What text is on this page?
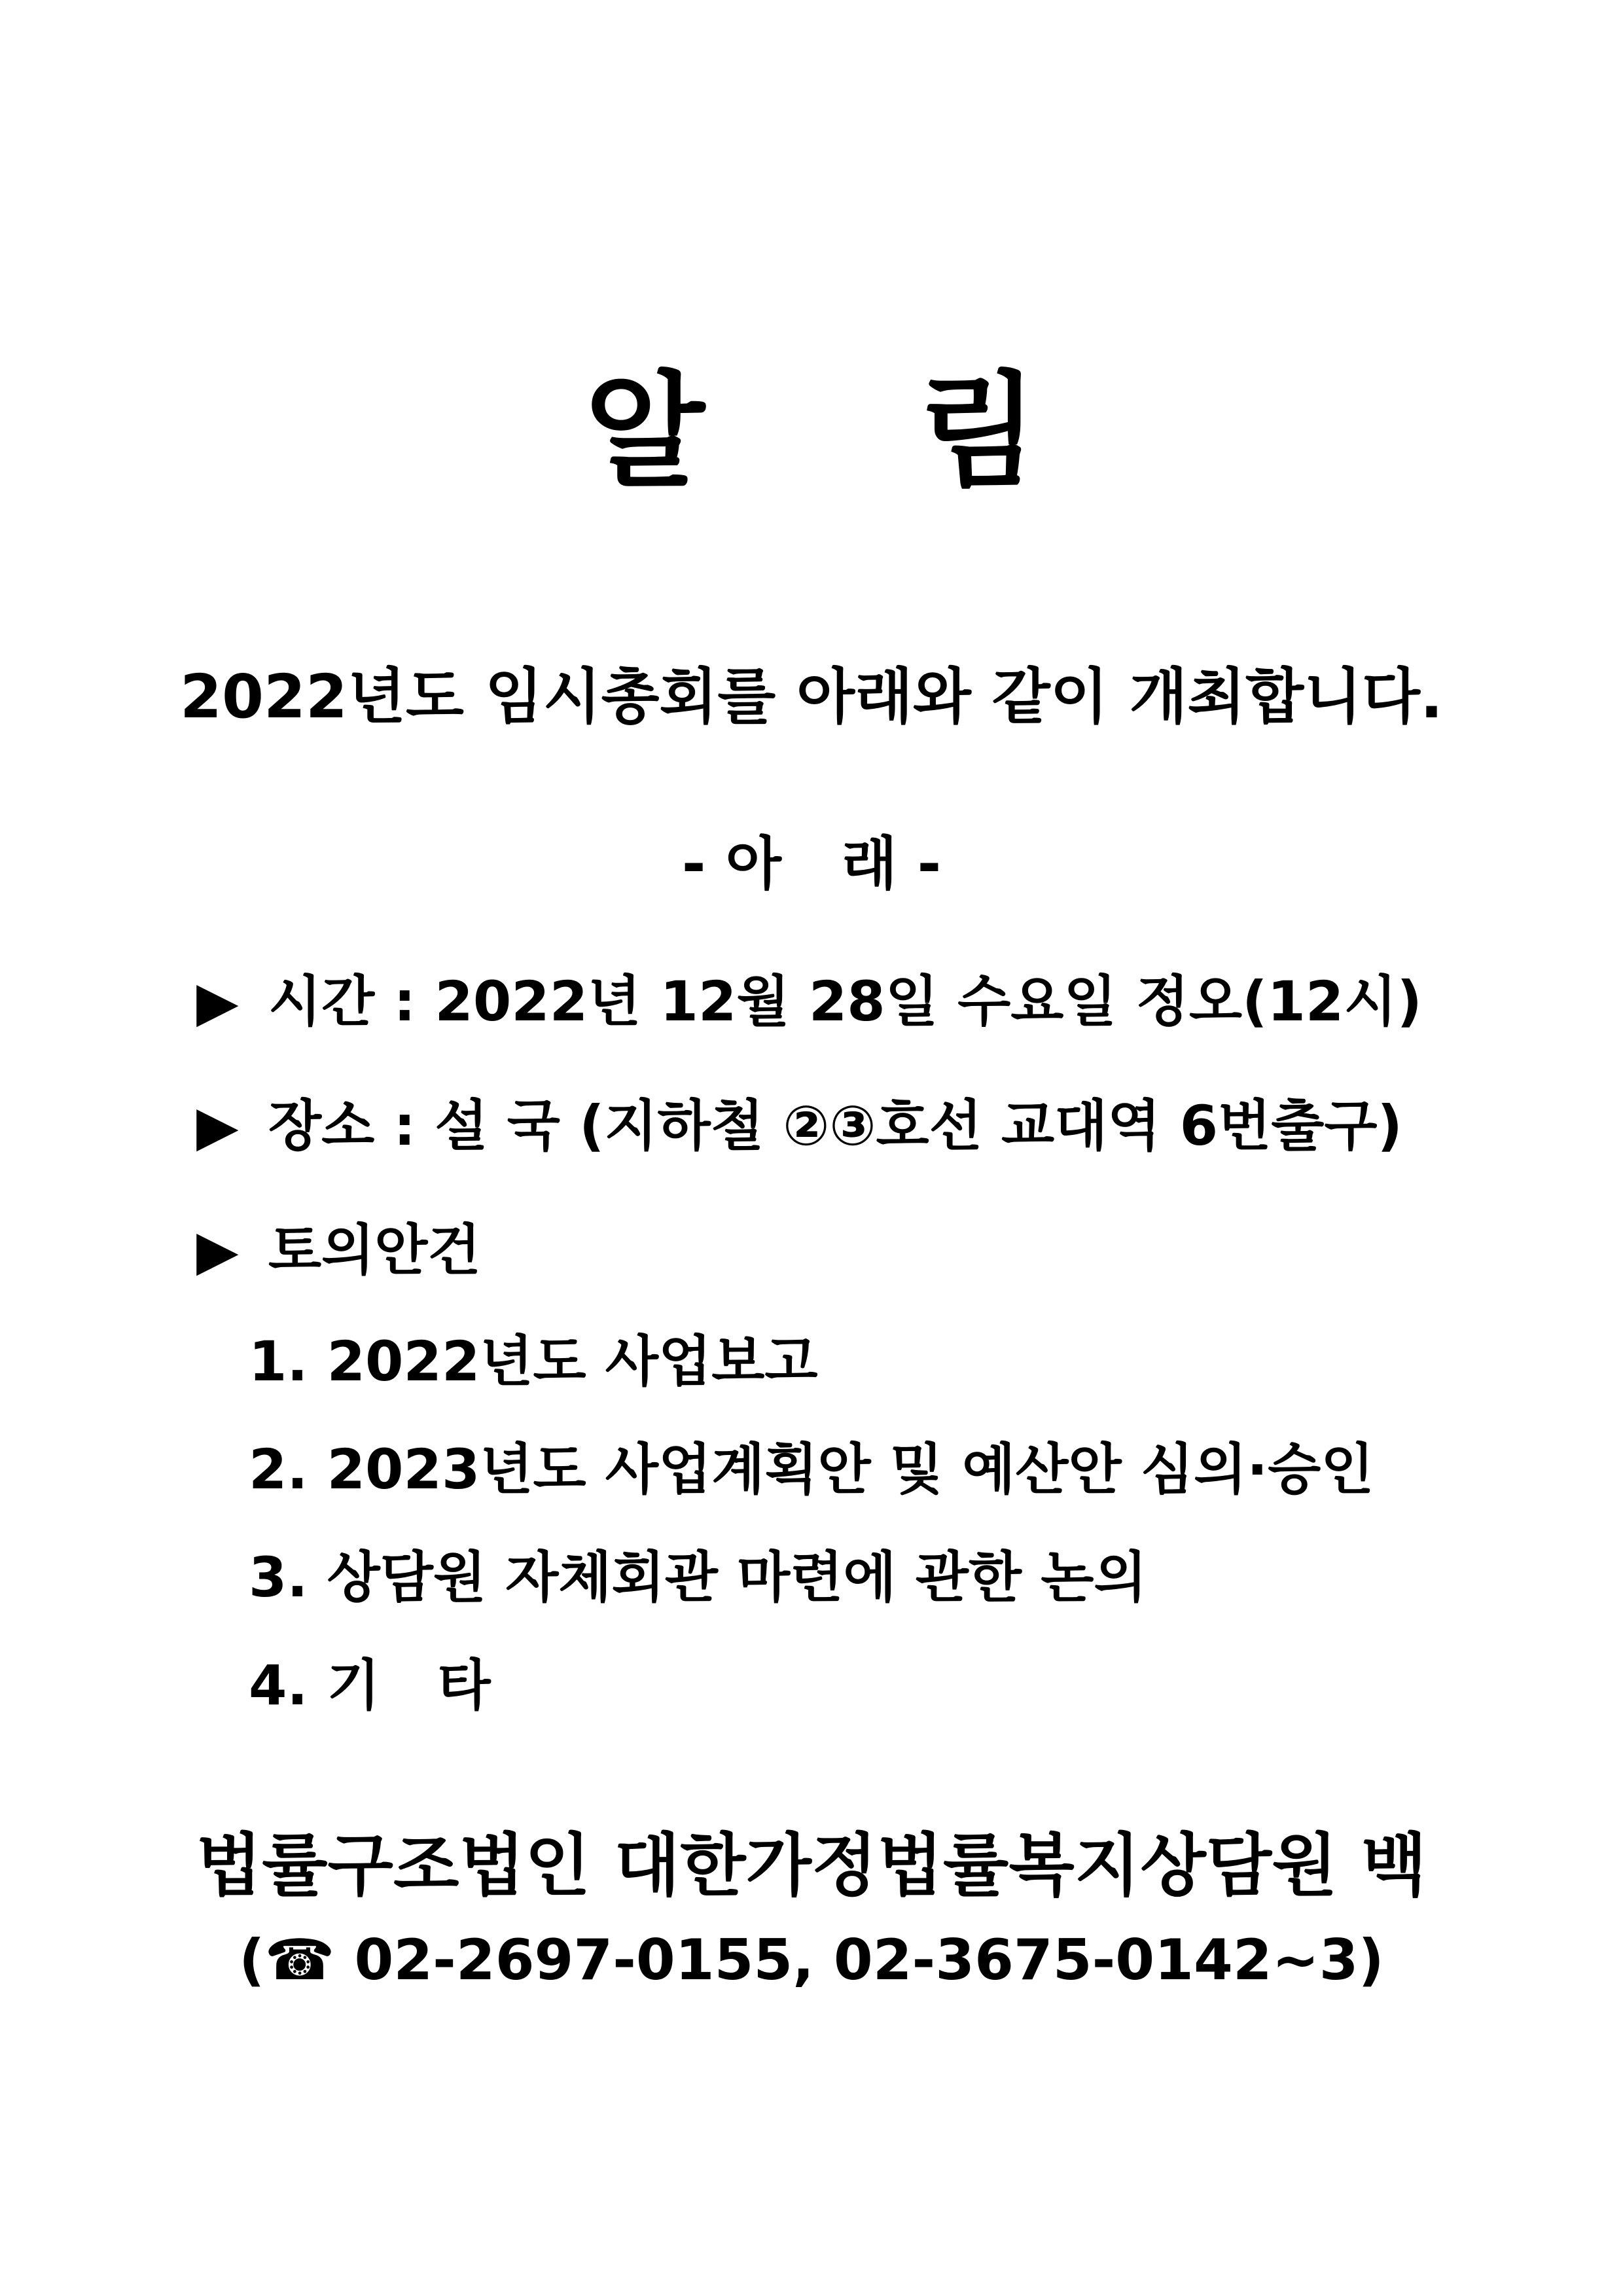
알 림
2022년도 임시총회를 아래와 같이 개최합니다.
- 아   래 -
▶ 시간 : 2022년 12월 28일 수요일 정오(12시)
▶ 장소 : 설 국 (지하철 ②③호선 교대역 6번출구)
▶ 토의안건
1. 2022년도 사업보고
2. 2023년도 사업계획안 및 예산안 심의·승인
3. 상담원 자체회관 마련에 관한 논의
4. 기   타
법률구조법인 대한가정법률복지상담원 백
(☎ 02-2697-0155, 02-3675-0142~3)
